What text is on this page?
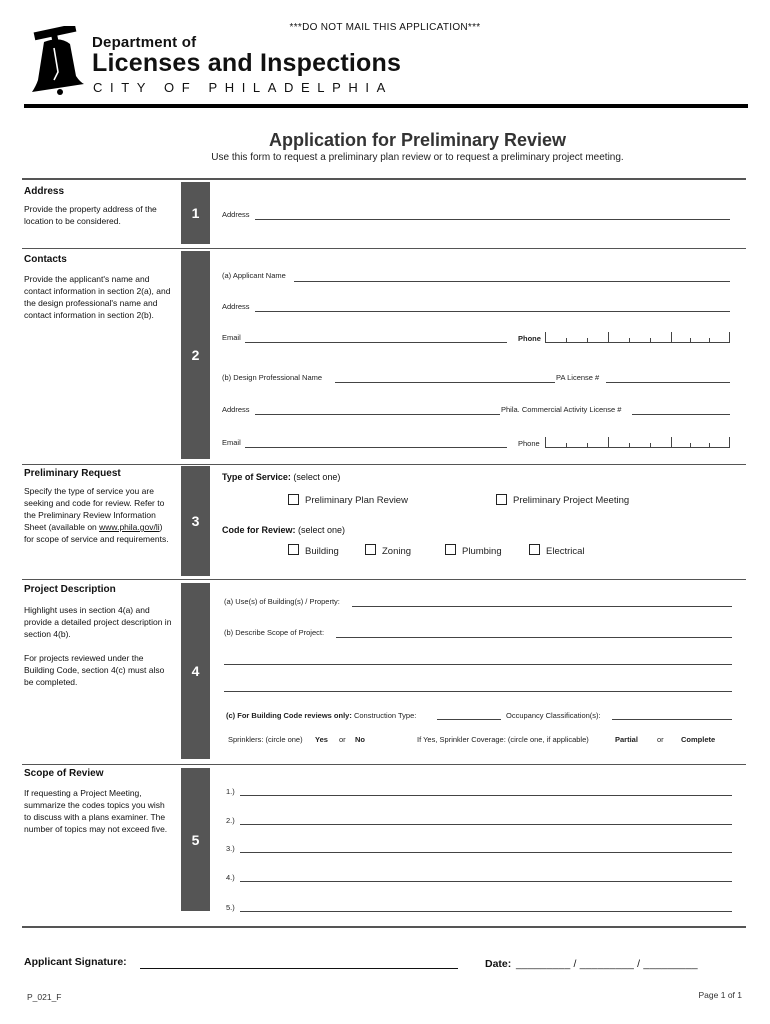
***DO NOT MAIL THIS APPLICATION***
Department of
Licenses and Inspections
CITY OF PHILADELPHIA
Application for Preliminary Review
Use this form to request a preliminary plan review or to request a preliminary project meeting.
Address
Provide the property address of the location to be considered.	1	Address
Contacts
Provide the applicant's name and contact information in section 2(a), and the design professional's name and contact information in section 2(b).
2
(a) Applicant Name
Address
Email	Phone
(b) Design Professional Name	PA License #
Address	Phila. Commercial Activity License #
Email	Phone
Preliminary Request
Specify the type of service you are seeking and code for review. Refer to the Preliminary Review Information Sheet (available on www.phila.gov/li) for scope of service and requirements.
3
Type of Service: (select one)
Preliminary Plan Review	Preliminary Project Meeting
Code for Review: (select one)
Building	Zoning	Plumbing	Electrical
Project Description
Highlight uses in section 4(a) and provide a detailed project description in section 4(b).
For projects reviewed under the Building Code, section 4(c) must also be completed.
4
(a) Use(s) of Building(s) / Property:
(b) Describe Scope of Project:
(c) For Building Code reviews only: Construction Type:	Occupancy Classification(s):
Sprinklers: (circle one) Yes or No	If Yes, Sprinkler Coverage: (circle one, if applicable)	Partial	or Complete
Scope of Review
If requesting a Project Meeting, summarize the codes topics you wish to discuss with a plans examiner. The number of topics may not exceed five.
5
1.)
2.)
3.)
4.)
5.)
Applicant Signature:	Date: _________ / _________ / _________
P_021_F	Page 1 of 1
